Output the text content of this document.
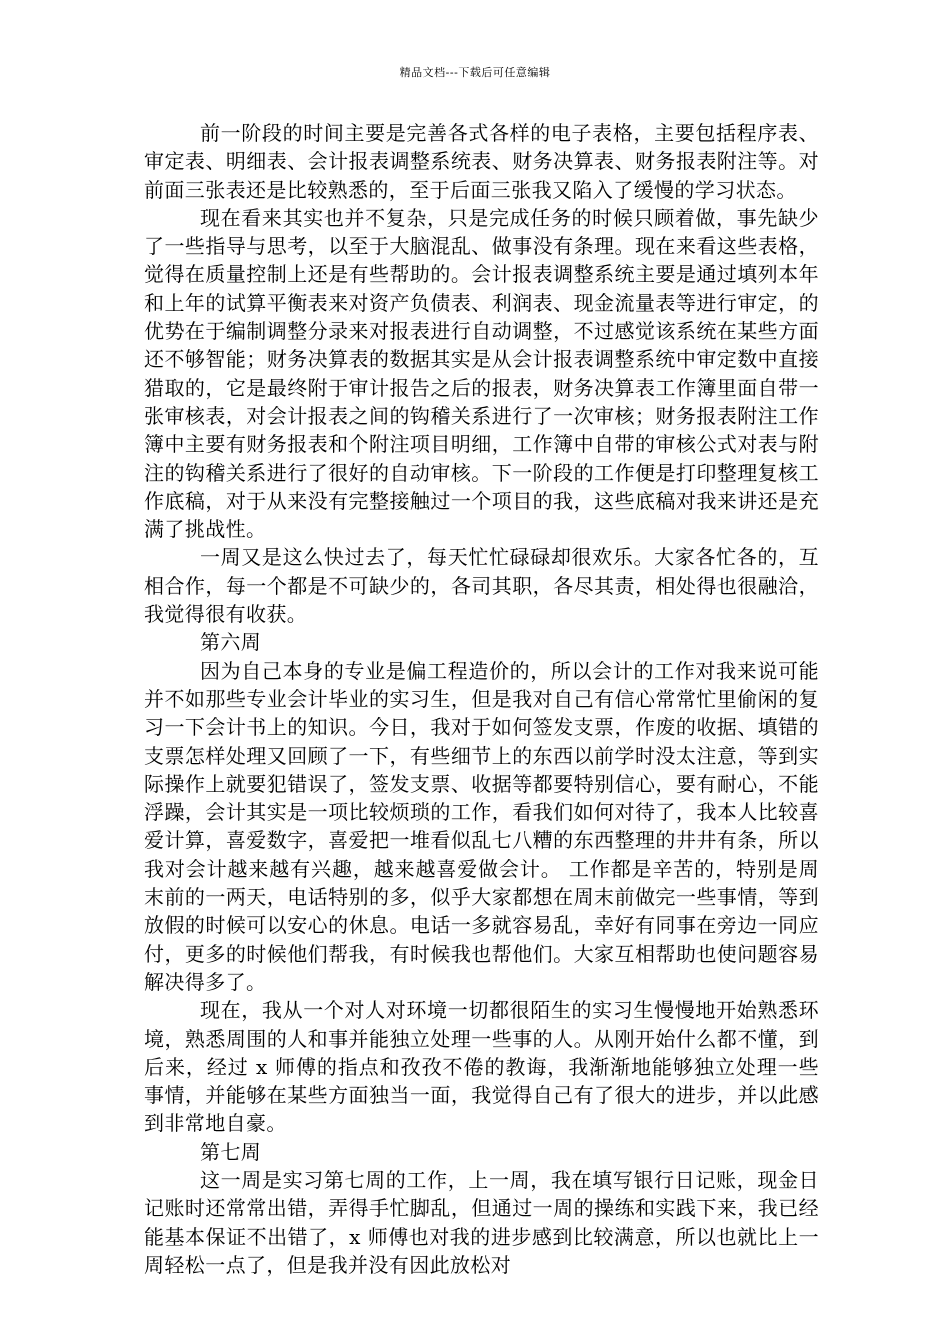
精品文档---下载后可任意编辑

前一阶段的时间主要是完善各式各样的电子表格，主要包括程序表、审定表、明细表、会计报表调整系统表、财务决算表、财务报表附注等。对前面三张表还是比较熟悉的，至于后面三张我又陷入了缓慢的学习状态。

现在看来其实也并不复杂，只是完成任务的时候只顾着做，事先缺少了一些指导与思考，以至于大脑混乱、做事没有条理。现在来看这些表格，觉得在质量控制上还是有些帮助的。会计报表调整系统主要是通过填列本年和上年的试算平衡表来对资产负债表、利润表、现金流量表等进行审定，的优势在于编制调整分录来对报表进行自动调整，不过感觉该系统在某些方面还不够智能；财务决算表的数据其实是从会计报表调整系统中审定数中直接猎取的，它是最终附于审计报告之后的报表，财务决算表工作簿里面自带一张审核表，对会计报表之间的钩稽关系进行了一次审核；财务报表附注工作簿中主要有财务报表和个附注项目明细，工作簿中自带的审核公式对表与附注的钩稽关系进行了很好的自动审核。下一阶段的工作便是打印整理复核工作底稿，对于从来没有完整接触过一个项目的我，这些底稿对我来讲还是充满了挑战性。

一周又是这么快过去了，每天忙忙碌碌却很欢乐。大家各忙各的，互相合作，每一个都是不可缺少的，各司其职，各尽其责，相处得也很融洽，我觉得很有收获。

第六周

因为自己本身的专业是偏工程造价的，所以会计的工作对我来说可能并不如那些专业会计毕业的实习生，但是我对自己有信心常常忙里偷闲的复习一下会计书上的知识。今日，我对于如何签发支票，作废的收据、填错的支票怎样处理又回顾了一下，有些细节上的东西以前学时没太注意，等到实际操作上就要犯错误了，签发支票、收据等都要特别信心，要有耐心，不能浮躁，会计其实是一项比较烦琐的工作，看我们如何对待了，我本人比较喜爱计算，喜爱数字，喜爱把一堆看似乱七八糟的东西整理的井井有条，所以我对会计越来越有兴趣，越来越喜爱做会计。 工作都是辛苦的，特别是周末前的一两天，电话特别的多，似乎大家都想在周末前做完一些事情，等到放假的时候可以安心的休息。电话一多就容易乱，幸好有同事在旁边一同应付，更多的时候他们帮我，有时候我也帮他们。大家互相帮助也使问题容易解决得多了。

现在，我从一个对人对环境一切都很陌生的实习生慢慢地开始熟悉环境，熟悉周围的人和事并能独立处理一些事的人。从刚开始什么都不懂，到后来，经过 x 师傅的指点和孜孜不倦的教诲，我渐渐地能够独立处理一些事情，并能够在某些方面独当一面，我觉得自己有了很大的进步，并以此感到非常地自豪。

第七周

这一周是实习第七周的工作，上一周，我在填写银行日记账，现金日记账时还常常出错，弄得手忙脚乱，但通过一周的操练和实践下来，我已经能基本保证不出错了，x 师傅也对我的进步感到比较满意，所以也就比上一周轻松一点了，但是我并没有因此放松对
